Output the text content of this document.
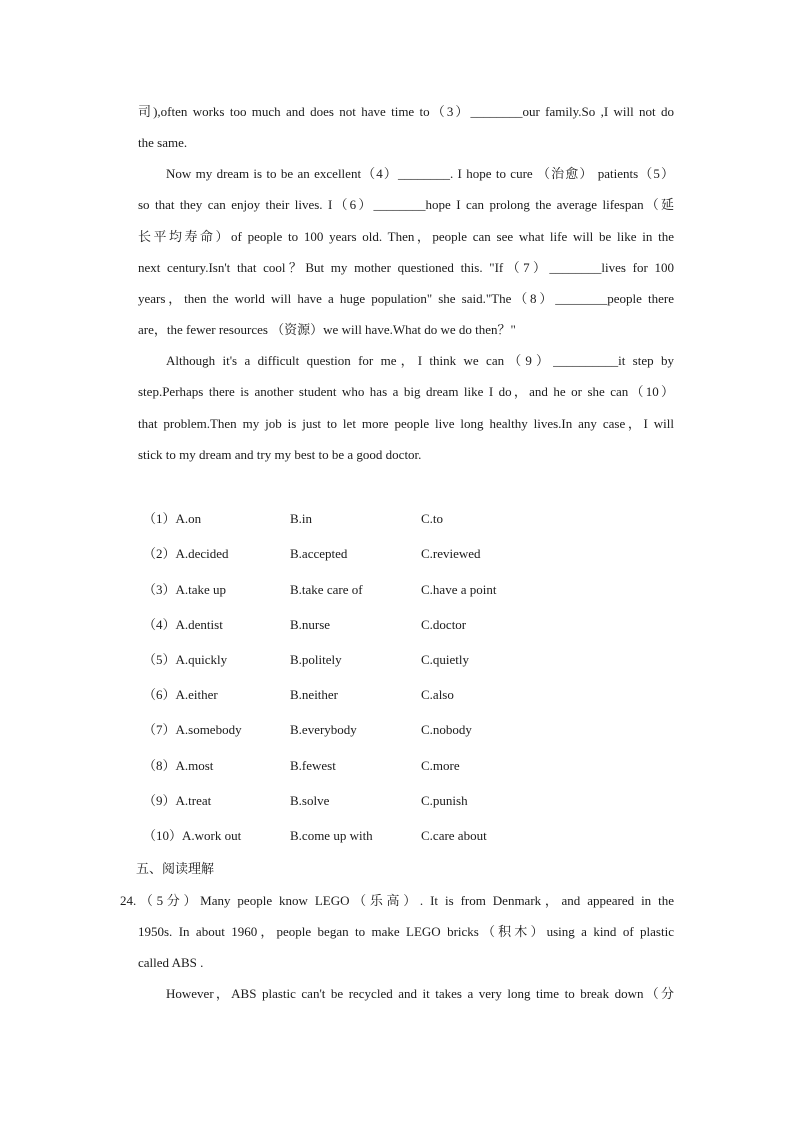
司),often works too much and does not have time to（3）________our family.So ,I will not do
the same.
Now my dream is to be an excellent（4）________. I hope to cure （治愈） patients（5）
so that they can enjoy their lives. I（6）________hope I can prolong the average lifespan（延
长平均寿命）of people to 100 years old. Then，people can see what life will be like in the
next century.Isn't that cool？But my mother questioned this. "If（7）________lives for 100
years，then the world will have a huge population" she said."The（8）________people there
are，the fewer resources （资源）we will have.What do we do then？"
Although it's a difficult question for me，I think we can（9）__________it step by
step.Perhaps there is another student who has a big dream like I do，and he or she can（10）
that problem.Then my job is just to let more people live long healthy lives.In any case，I will
stick to my dream and try my best to be a good doctor.
（1）A.on	B.in	C.to
（2）A.decided	B.accepted	C.reviewed
（3）A.take up	B.take care of	C.have a point
（4）A.dentist	B.nurse	C.doctor
（5）A.quickly	B.politely	C.quietly
（6）A.either	B.neither	C.also
（7）A.somebody	B.everybody	C.nobody
（8）A.most	B.fewest	C.more
（9）A.treat	B.solve	C.punish
（10）A.work out	B.come up with	C.care about
五、阅读理解
24.（5分）Many people know LEGO（乐高）. It is from Denmark，and appeared in the
1950s. In about 1960，people began to make LEGO bricks（积木）using a kind of plastic
called ABS .
However，ABS plastic can't be recycled and it takes a very long time to break down（分
